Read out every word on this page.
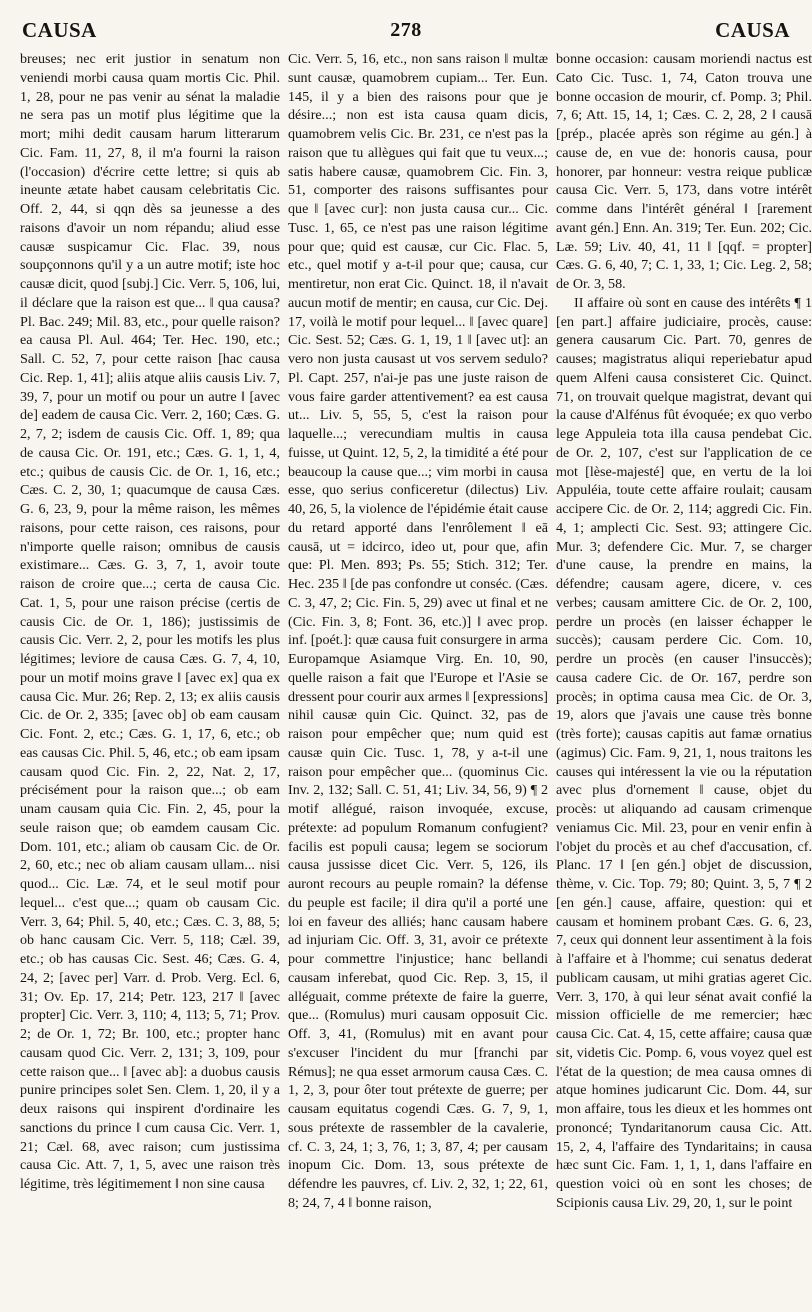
CAUSA	278	CAUSA

breuses; nec erit justior in senatum non veniendi morbi causa quam mortis Cic. Phil. 1, 28, pour ne pas venir au sénat la maladie ne sera pas un motif plus légitime que la mort; mihi dedit causam harum litterarum Cic. Fam. 11, 27, 8, il m'a fourni la raison (l'occasion) d'écrire cette lettre; si quis ab ineunte ætate habet causam celebritatis Cic. Off. 2, 44, si qqn dès sa jeunesse a des raisons d'avoir un nom répandu; aliud esse causæ suspicamur Cic. Flac. 39, nous soupçonnons qu'il y a un autre motif; iste hoc causæ dicit, quod [subj.] Cic. Verr. 5, 106, lui, il déclare que la raison est que... ‖ qua causa? Pl. Bac. 249; Mil. 83, etc., pour quelle raison? ea causa Pl. Aul. 464; Ter. Hec. 190, etc.; Sall. C. 52, 7, pour cette raison [hac causa Cic. Rep. 1, 41]; aliis atque aliis causis Liv. 7, 39, 7, pour un motif ou pour un autre ‖ [avec de] eadem de causa Cic. Verr. 2, 160; Cæs. G. 2, 7, 2; isdem de causis Cic. Off. 1, 89; qua de causa Cic. Or. 191, etc.; Cæs. G. 1, 1, 4, etc.; quibus de causis Cic. de Or. 1, 16, etc.; Cæs. C. 2, 30, 1; quacumque de causa Cæs. G. 6, 23, 9, pour la même raison, les mêmes raisons, pour cette raison, ces raisons, pour n'importe quelle raison; omnibus de causis existimare... Cæs. G. 3, 7, 1, avoir toute raison de croire que...; certa de causa Cic. Cat. 1, 5, pour une raison précise (certis de causis Cic. de Or. 1, 186); justissimis de causis Cic. Verr. 2, 2, pour les motifs les plus légitimes; leviore de causa Cæs. G. 7, 4, 10, pour un motif moins grave ‖ [avec ex] qua ex causa Cic. Mur. 26; Rep. 2, 13; ex aliis causis Cic. de Or. 2, 335; [avec ob] ob eam causam Cic. Font. 2, etc.; Cæs. G. 1, 17, 6, etc.; ob eas causas Cic. Phil. 5, 46, etc.; ob eam ipsam causam quod Cic. Fin. 2, 22, Nat. 2, 17, précisément pour la raison que...; ob eam unam causam quia Cic. Fin. 2, 45, pour la seule raison que; ob eamdem causam Cic. Dom. 101, etc.; aliam ob causam Cic. de Or. 2, 60, etc.; nec ob aliam causam ullam... nisi quod... Cic. Læ. 74, et le seul motif pour lequel... c'est que...; quam ob causam Cic. Verr. 3, 64; Phil. 5, 40, etc.; Cæs. C. 3, 88, 5; ob hanc causam Cic. Verr. 5, 118; Cæl. 39, etc.; ob has causas Cic. Sest. 46; Cæs. G. 4, 24, 2; [avec per] Varr. d. Prob. Verg. Ecl. 6, 31; Ov. Ep. 17, 214; Petr. 123, 217 ‖ [avec propter] Cic. Verr. 3, 110; 4, 113; 5, 71; Prov. 2; de Or. 1, 72; Br. 100, etc.; propter hanc causam quod Cic. Verr. 2, 131; 3, 109, pour cette raison que... ‖ [avec ab]: a duobus causis punire principes solet Sen. Clem. 1, 20, il y a deux raisons qui inspirent d'ordinaire les sanctions du prince ‖ cum causa Cic. Verr. 1, 21; Cæl. 68, avec raison; cum justissima causa Cic. Att. 7, 1, 5, avec une raison très légitime, très légitimement ‖ non sine causa

Cic. Verr. 5, 16, etc., non sans raison ‖ multæ sunt causæ, quamobrem cupiam... Ter. Eun. 145, il y a bien des raisons pour que je désire...; non est ista causa quam dicis, quamobrem velis Cic. Br. 231, ce n'est pas la raison que tu allègues qui fait que tu veux...; satis habere causæ, quamobrem Cic. Fin. 3, 51, comporter des raisons suffisantes pour que ‖ [avec cur]: non justa causa cur... Cic. Tusc. 1, 65, ce n'est pas une raison légitime pour que; quid est causæ, cur Cic. Flac. 5, etc., quel motif y a-t-il pour que; causa, cur mentiretur, non erat Cic. Quinct. 18, il n'avait aucun motif de mentir; en causa, cur Cic. Dej. 17, voilà le motif pour lequel... ‖ [avec quare] Cic. Sest. 52; Cæs. G. 1, 19, 1 ‖ [avec ut]: an vero non justa causast ut vos servem sedulo? Pl. Capt. 257, n'ai-je pas une juste raison de vous faire garder attentivement? ea est causa ut... Liv. 5, 55, 5, c'est la raison pour laquelle...; verecundiam multis in causa fuisse, ut Quint. 12, 5, 2, la timidité a été pour beaucoup la cause que...; vim morbi in causa esse, quo serius conficeretur (dilectus) Liv. 40, 26, 5, la violence de l'épidémie était cause du retard apporté dans l'enrôlement ‖ eā causā, ut = idcirco, ideo ut, pour que, afin que: Pl. Men. 893; Ps. 55; Stich. 312; Ter. Hec. 235 ‖ [de pas confondre ut conséc. (Cæs. C. 3, 47, 2; Cic. Fin. 5, 29) avec ut final et ne (Cic. Fin. 3, 8; Font. 36, etc.)] ‖ avec prop. inf. [poét.]: quæ causa fuit consurgere in arma Europamque Asiamque Virg. En. 10, 90, quelle raison a fait que l'Europe et l'Asie se dressent pour courir aux armes ‖ [expressions] nihil causæ quin Cic. Quinct. 32, pas de raison pour empêcher que; num quid est causæ quin Cic. Tusc. 1, 78, y a-t-il une raison pour empêcher que... (quominus Cic. Inv. 2, 132; Sall. C. 51, 41; Liv. 34, 56, 9) ¶ 2 motif allégué, raison invoquée, excuse, prétexte: ad populum Romanum confugient? facilis est populi causa; legem se sociorum causa jussisse dicet Cic. Verr. 5, 126, ils auront recours au peuple romain? la défense du peuple est facile; il dira qu'il a porté une loi en faveur des alliés; hanc causam habere ad injuriam Cic. Off. 3, 31, avoir ce prétexte pour commettre l'injustice; hanc bellandi causam inferebat, quod Cic. Rep. 3, 15, il alléguait, comme prétexte de faire la guerre, que... (Romulus) muri causam opposuit Cic. Off. 3, 41, (Romulus) mit en avant pour s'excuser l'incident du mur [franchi par Rémus]; ne qua esset armorum causa Cæs. C. 1, 2, 3, pour ôter tout prétexte de guerre; per causam equitatus cogendi Cæs. G. 7, 9, 1, sous prétexte de rassembler de la cavalerie, cf. C. 3, 24, 1; 3, 76, 1; 3, 87, 4; per causam inopum Cic. Dom. 13, sous prétexte de défendre les pauvres, cf. Liv. 2, 32, 1; 22, 61, 8; 24, 7, 4 ‖ bonne raison,

bonne occasion: causam moriendi nactus est Cato Cic. Tusc. 1, 74, Caton trouva une bonne occasion de mourir, cf. Pomp. 3; Phil. 7, 6; Att. 15, 14, 1; Cæs. C. 2, 28, 2 ‖ causā [prép., placée après son régime au gén.] à cause de, en vue de: honoris causa, pour honorer, par honneur: vestra reique publicæ causa Cic. Verr. 5, 173, dans votre intérêt comme dans l'intérêt général ‖ [rarement avant gén.] Enn. An. 319; Ter. Eun. 202; Cic. Læ. 59; Liv. 40, 41, 11 ‖ [qqf. = propter] Cæs. G. 6, 40, 7; C. 1, 33, 1; Cic. Leg. 2, 58; de Or. 3, 58.
II affaire où sont en cause des intérêts ¶ 1 [en part.] affaire judiciaire, procès, cause: genera causarum Cic. Part. 70, genres de causes; magistratus aliqui reperiebatur apud quem Alfeni causa consisteret Cic. Quinct. 71, on trouvait quelque magistrat, devant qui la cause d'Alfénus fût évoquée; ex quo verbo lege Appuleia tota illa causa pendebat Cic. de Or. 2, 107, c'est sur l'application de ce mot [lèse-majesté] que, en vertu de la loi Appuléia, toute cette affaire roulait; causam accipere Cic. de Or. 2, 114; aggredi Cic. Fin. 4, 1; amplecti Cic. Sest. 93; attingere Cic. Mur. 3; defendere Cic. Mur. 7, se charger d'une cause, la prendre en mains, la défendre; causam agere, dicere, v. ces verbes; causam amittere Cic. de Or. 2, 100, perdre un procès (en laisser échapper le succès); causam perdere Cic. Com. 10, perdre un procès (en causer l'insuccès); causa cadere Cic. de Or. 167, perdre son procès; in optima causa mea Cic. de Or. 3, 19, alors que j'avais une cause très bonne (très forte); causas capitis aut famæ ornatius (agimus) Cic. Fam. 9, 21, 1, nous traitons les causes qui intéressent la vie ou la réputation avec plus d'ornement ‖ cause, objet du procès: ut aliquando ad causam crimenque veniamus Cic. Mil. 23, pour en venir enfin à l'objet du procès et au chef d'accusation, cf. Planc. 17 ‖ [en gén.] objet de discussion, thème, v. Cic. Top. 79; 80; Quint. 3, 5, 7 ¶ 2 [en gén.] cause, affaire, question: qui et causam et hominem probant Cæs. G. 6, 23, 7, ceux qui donnent leur assentiment à la fois à l'affaire et à l'homme; cui senatus dederat publicam causam, ut mihi gratias ageret Cic. Verr. 3, 170, à qui leur sénat avait confié la mission officielle de me remercier; hæc causa Cic. Cat. 4, 15, cette affaire; causa quæ sit, videtis Cic. Pomp. 6, vous voyez quel est l'état de la question; de mea causa omnes di atque homines judicarunt Cic. Dom. 44, sur mon affaire, tous les dieux et les hommes ont prononcé; Tyndaritanorum causa Cic. Att. 15, 2, 4, l'affaire des Tyndaritains; in causa hæc sunt Cic. Fam. 1, 1, 1, dans l'affaire en question voici où en sont les choses; de Scipionis causa Liv. 29, 20, 1, sur le point
